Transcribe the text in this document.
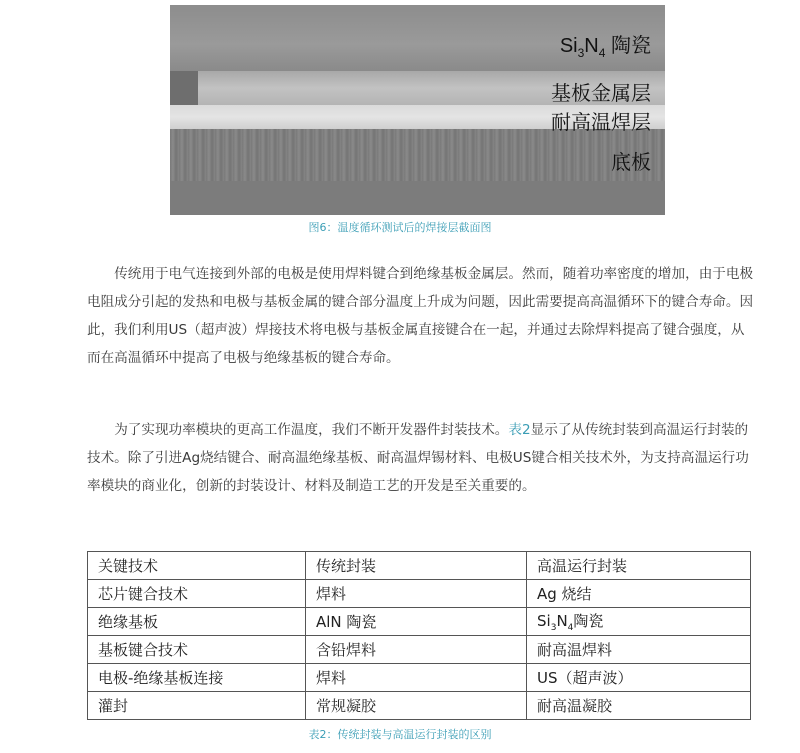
$Si_3N_4$ 陶瓷
基板金属层
耐高温焊层
底板
图6：温度循环测试后的焊接层截面图

传统用于电气连接到外部的电极是使用焊料键合到绝缘基板金属层。然而，随着功率密度的增加，由于电极电阻成分引起的发热和电极与基板金属的键合部分温度上升成为问题，因此需要提高高温循环下的键合寿命。因此，我们利用US（超声波）焊接技术将电极与基板金属直接键合在一起，并通过去除焊料提高了键合强度，从而在高温循环中提高了电极与绝缘基板的键合寿命。

为了实现功率模块的更高工作温度，我们不断开发器件封装技术。表2显示了从传统封装到高温运行封装的技术。除了引进Ag烧结键合、耐高温绝缘基板、耐高温焊锡材料、电极US键合相关技术外，为支持高温运行功率模块的商业化，创新的封装设计、材料及制造工艺的开发是至关重要的。

关键技术	传统封装	高温运行封装
芯片键合技术	焊料	Ag 烧结
绝缘基板	AlN 陶瓷	$Si_3N_4$陶瓷
基板键合技术	含铅焊料	耐高温焊料
电极-绝缘基板连接	焊料	US（超声波）
灌封	常规凝胶	耐高温凝胶
表2：传统封装与高温运行封装的区别
